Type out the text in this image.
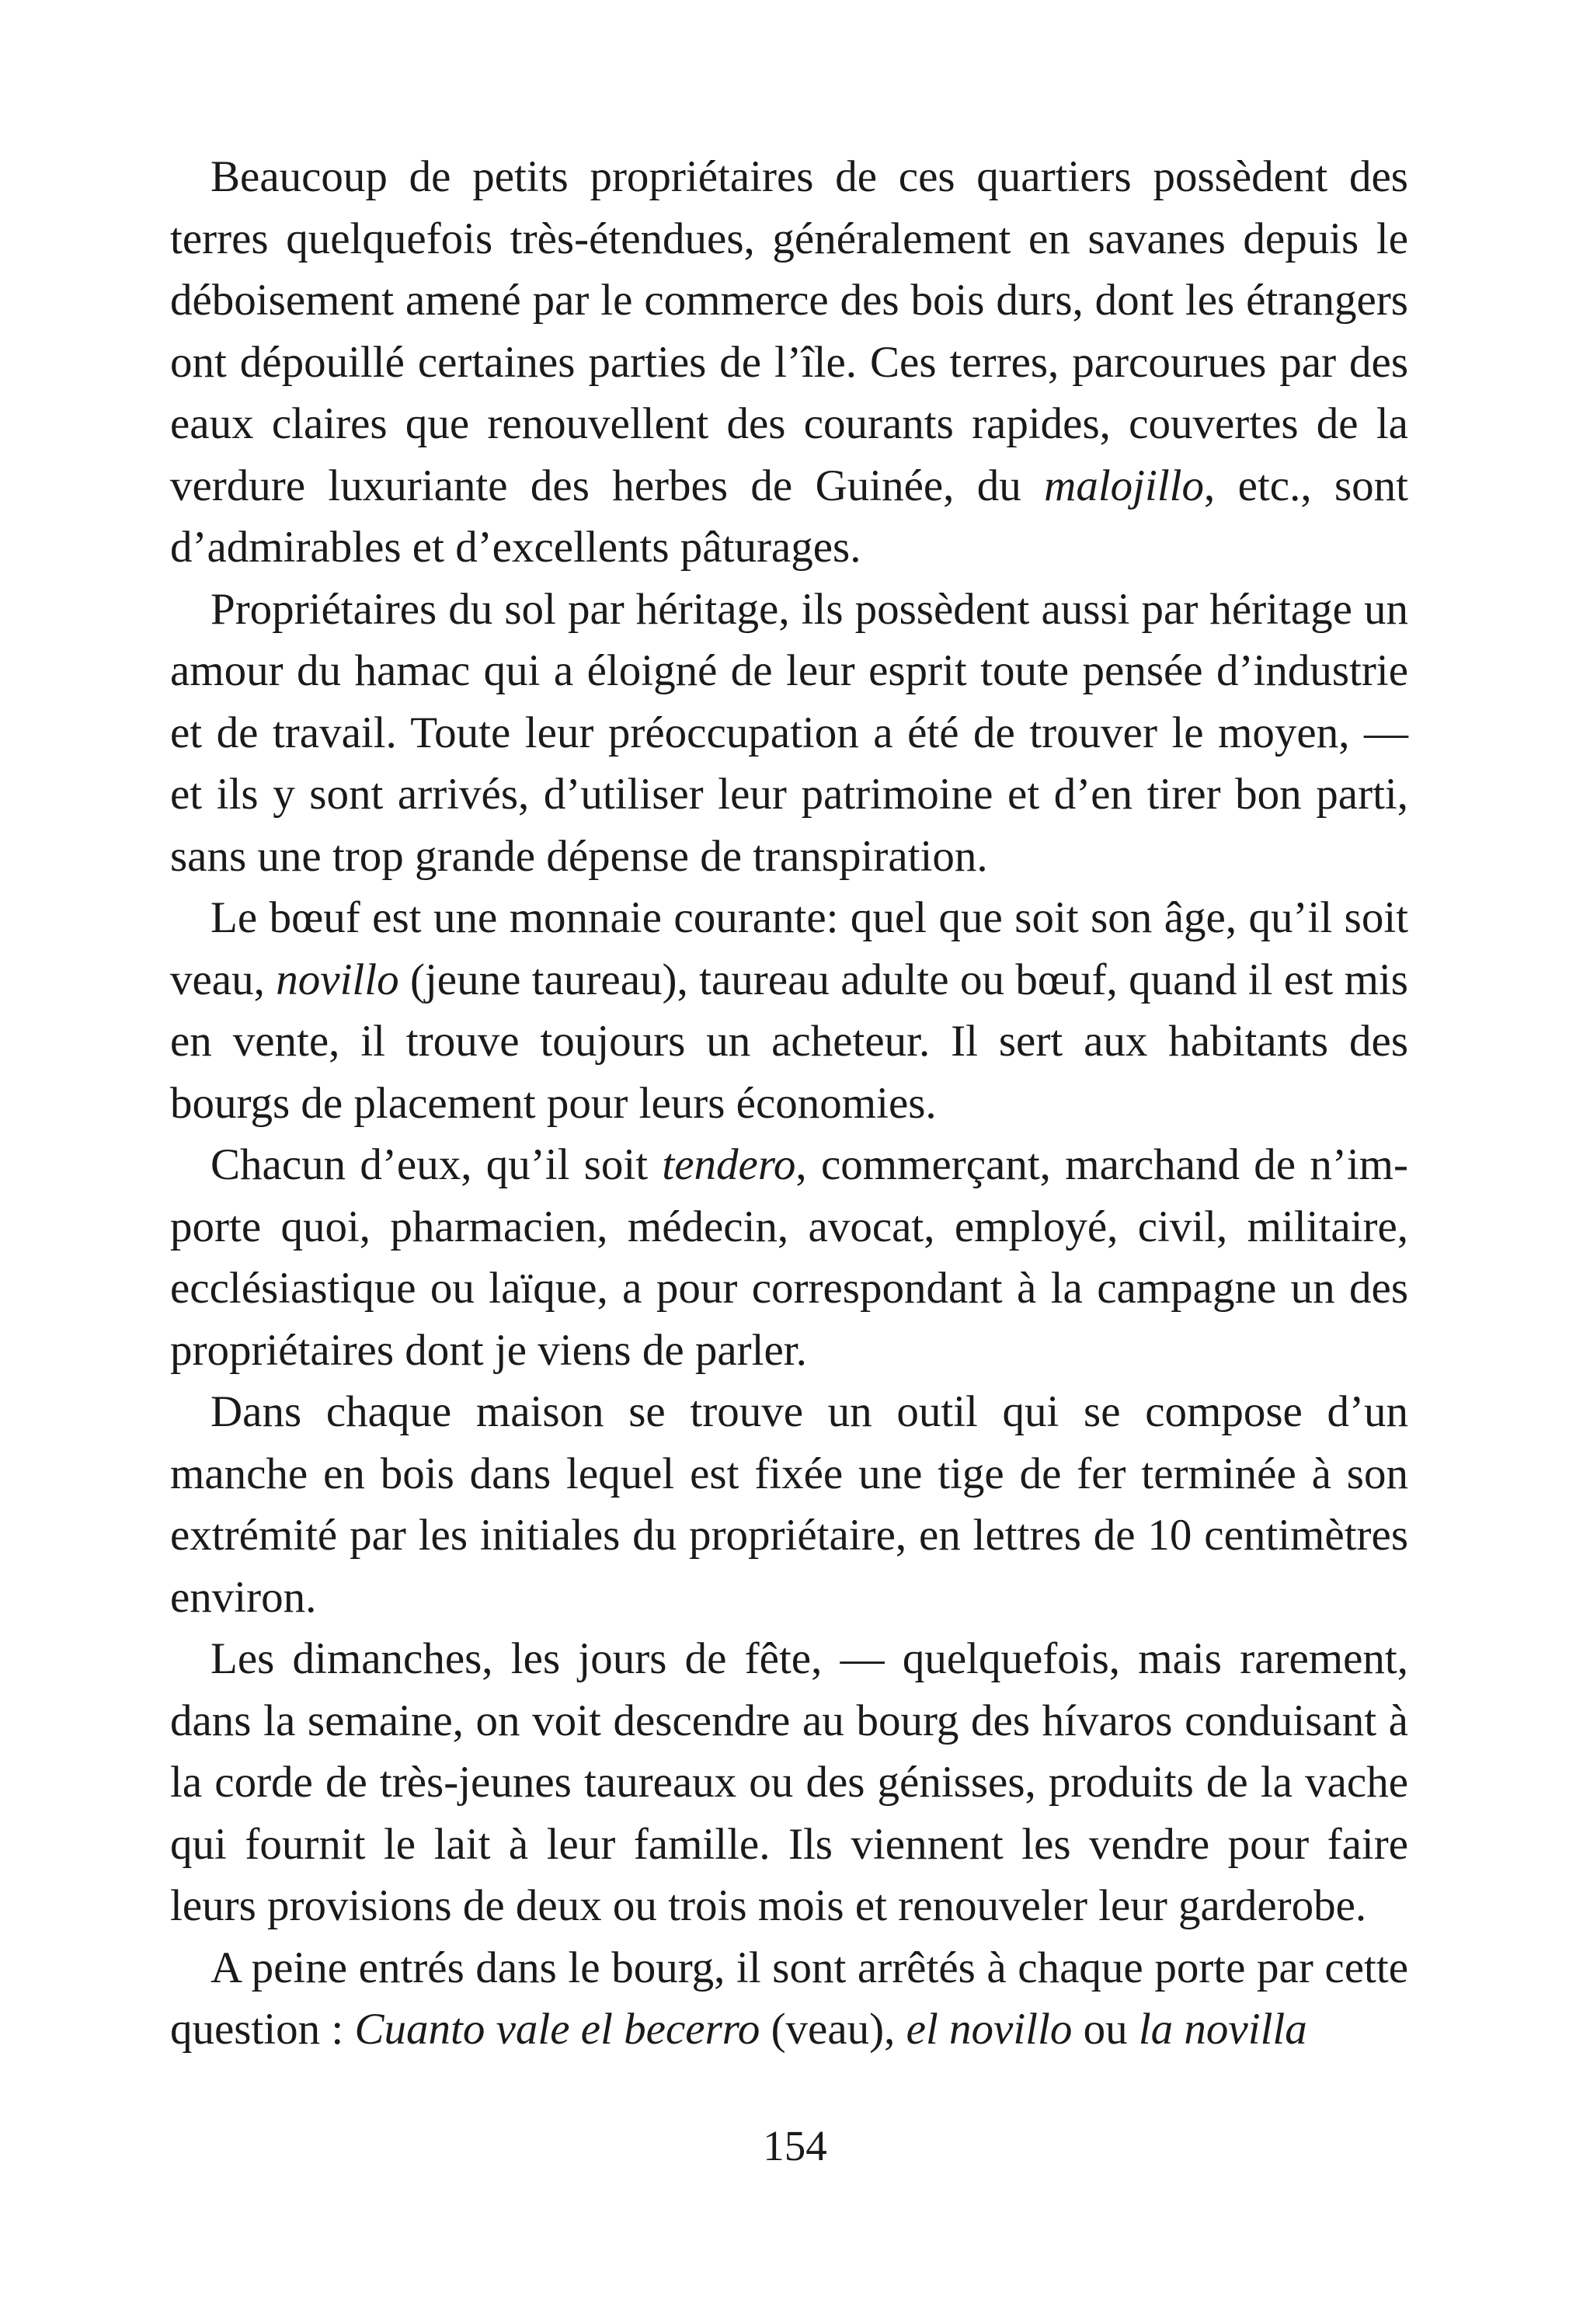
Beaucoup de petits propriétaires de ces quartiers possèdent des terres quelquefois très-étendues, généralement en savanes depuis le déboisement amené par le commerce des bois durs, dont les étrangers ont dépouillé certaines parties de l’île. Ces terres, parcourues par des eaux claires que renouvellent des courants rapides, couvertes de la verdure luxuriante des herbes de Guinée, du malojillo, etc., sont d’admirables et d’excellents pâturages.

Propriétaires du sol par héritage, ils possèdent aussi par héritage un amour du hamac qui a éloigné de leur esprit toute pensée d’industrie et de travail. Toute leur préoccupation a été de trouver le moyen, — et ils y sont arrivés, d’utiliser leur patrimoine et d’en tirer bon parti, sans une trop grande dépense de transpiration.

Le bœuf est une monnaie courante: quel que soit son âge, qu’il soit veau, novillo (jeune taureau), taureau adulte ou bœuf, quand il est mis en vente, il trouve toujours un acheteur. Il sert aux habitants des bourgs de placement pour leurs économies.

Chacun d’eux, qu’il soit tendero, commerçant, marchand de n’importe quoi, pharmacien, médecin, avocat, employé, civil, militaire, ecclésiastique ou laïque, a pour correspondant à la campagne un des propriétaires dont je viens de parler.

Dans chaque maison se trouve un outil qui se compose d’un manche en bois dans lequel est fixée une tige de fer terminée à son extrémité par les initiales du propriétaire, en lettres de 10 centimètres environ.

Les dimanches, les jours de fête, — quelquefois, mais rarement, dans la semaine, on voit descendre au bourg des hívaros conduisant à la corde de très-jeunes taureaux ou des génisses, produits de la vache qui fournit le lait à leur famille. Ils viennent les vendre pour faire leurs provisions de deux ou trois mois et renouveler leur garderobe.

A peine entrés dans le bourg, il sont arrêtés à chaque porte par cette question : Cuanto vale el becerro (veau), el novillo ou la novilla

154
